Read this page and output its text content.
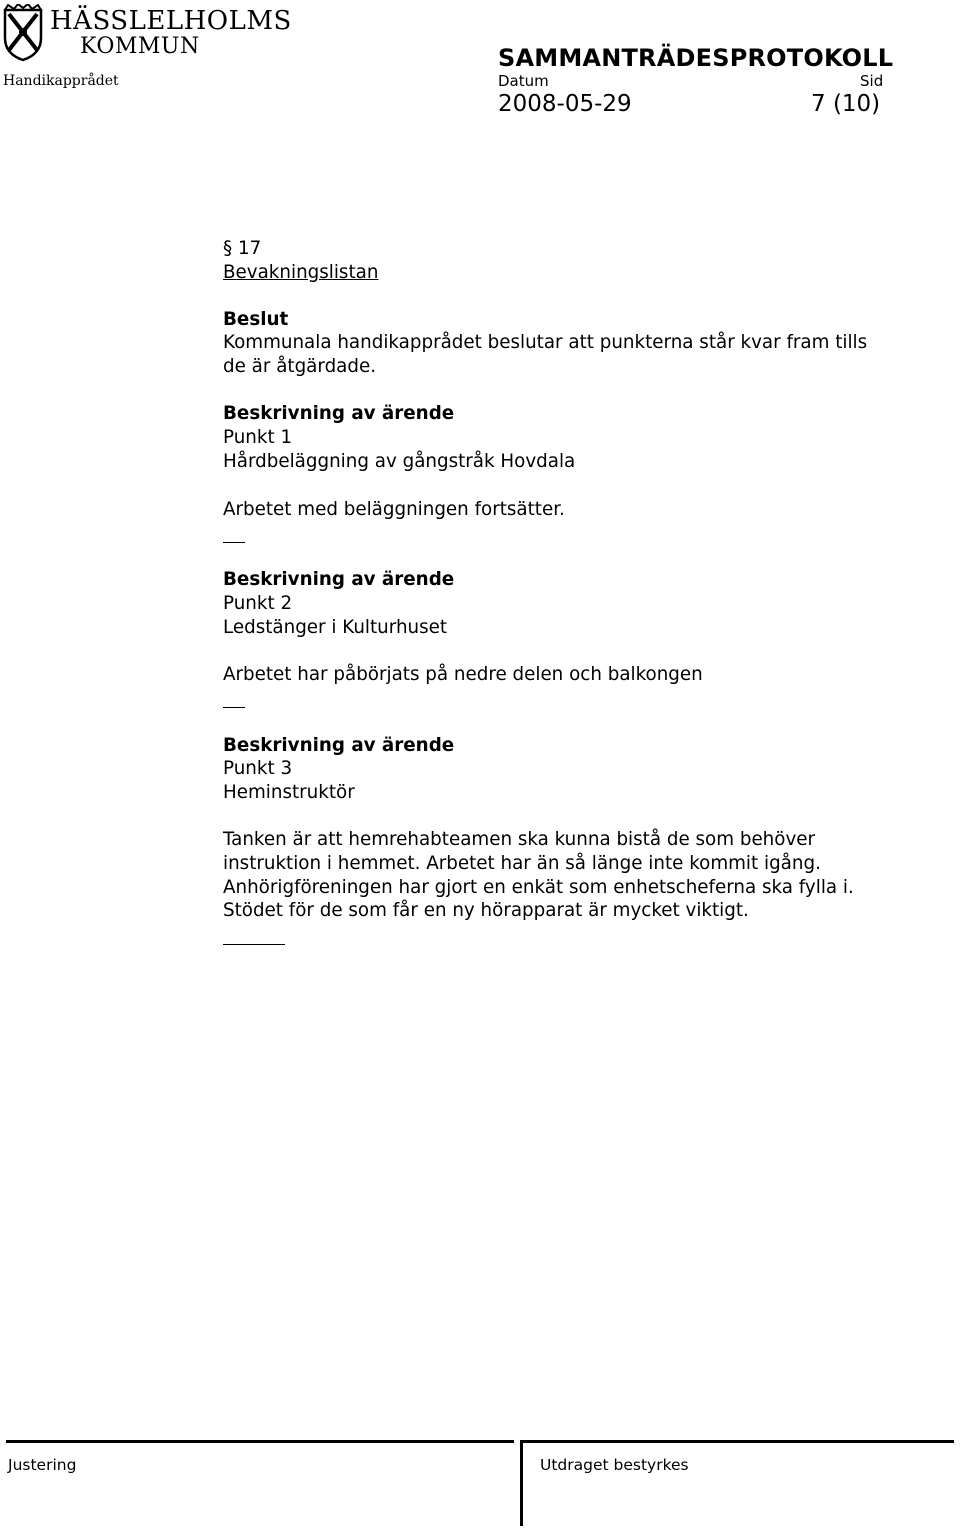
HÄSSLELHOLMS
KOMMUN
Handikapprådet
SAMMANTRÄDESPROTOKOLL
Datum	Sid
2008-05-29	7 (10)
§ 17
Bevakningslistan
Beslut
Kommunala handikapprådet beslutar att punkterna står kvar fram tills
de är åtgärdade.
Beskrivning av ärende
Punkt 1
Hårdbeläggning av gångstråk Hovdala
Arbetet med beläggningen fortsätter.
Beskrivning av ärende
Punkt 2
Ledstänger i Kulturhuset
Arbetet har påbörjats på nedre delen och balkongen
Beskrivning av ärende
Punkt 3
Heminstruktör
Tanken är att hemrehabteamen ska kunna bistå de som behöver
instruktion i hemmet. Arbetet har än så länge inte kommit igång.
Anhörigföreningen har gjort en enkät som enhetscheferna ska fylla i.
Stödet för de som får en ny hörapparat är mycket viktigt.
Justering	Utdraget bestyrkes
